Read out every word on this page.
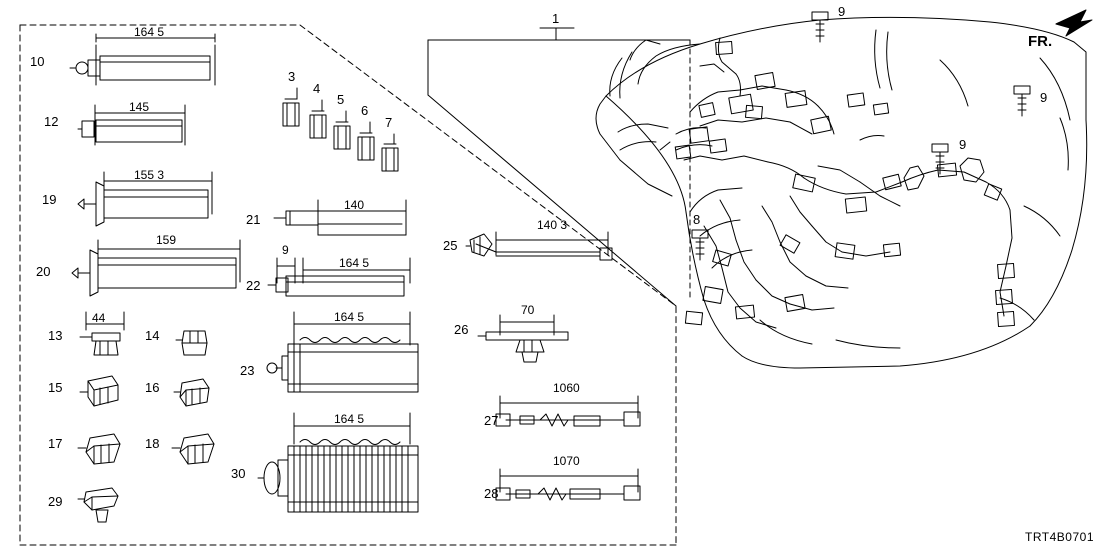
1
3
4
5
6
7
8
9
9
9
10
12
13	14
15	16
17	18
19
20
21
22
23
25
26
27
28
29
30
164 5
145
155 3
159
140
9
164 5
44	164 5
140 3
70
1060
164 5
1070
FR.
TRT4B0701
